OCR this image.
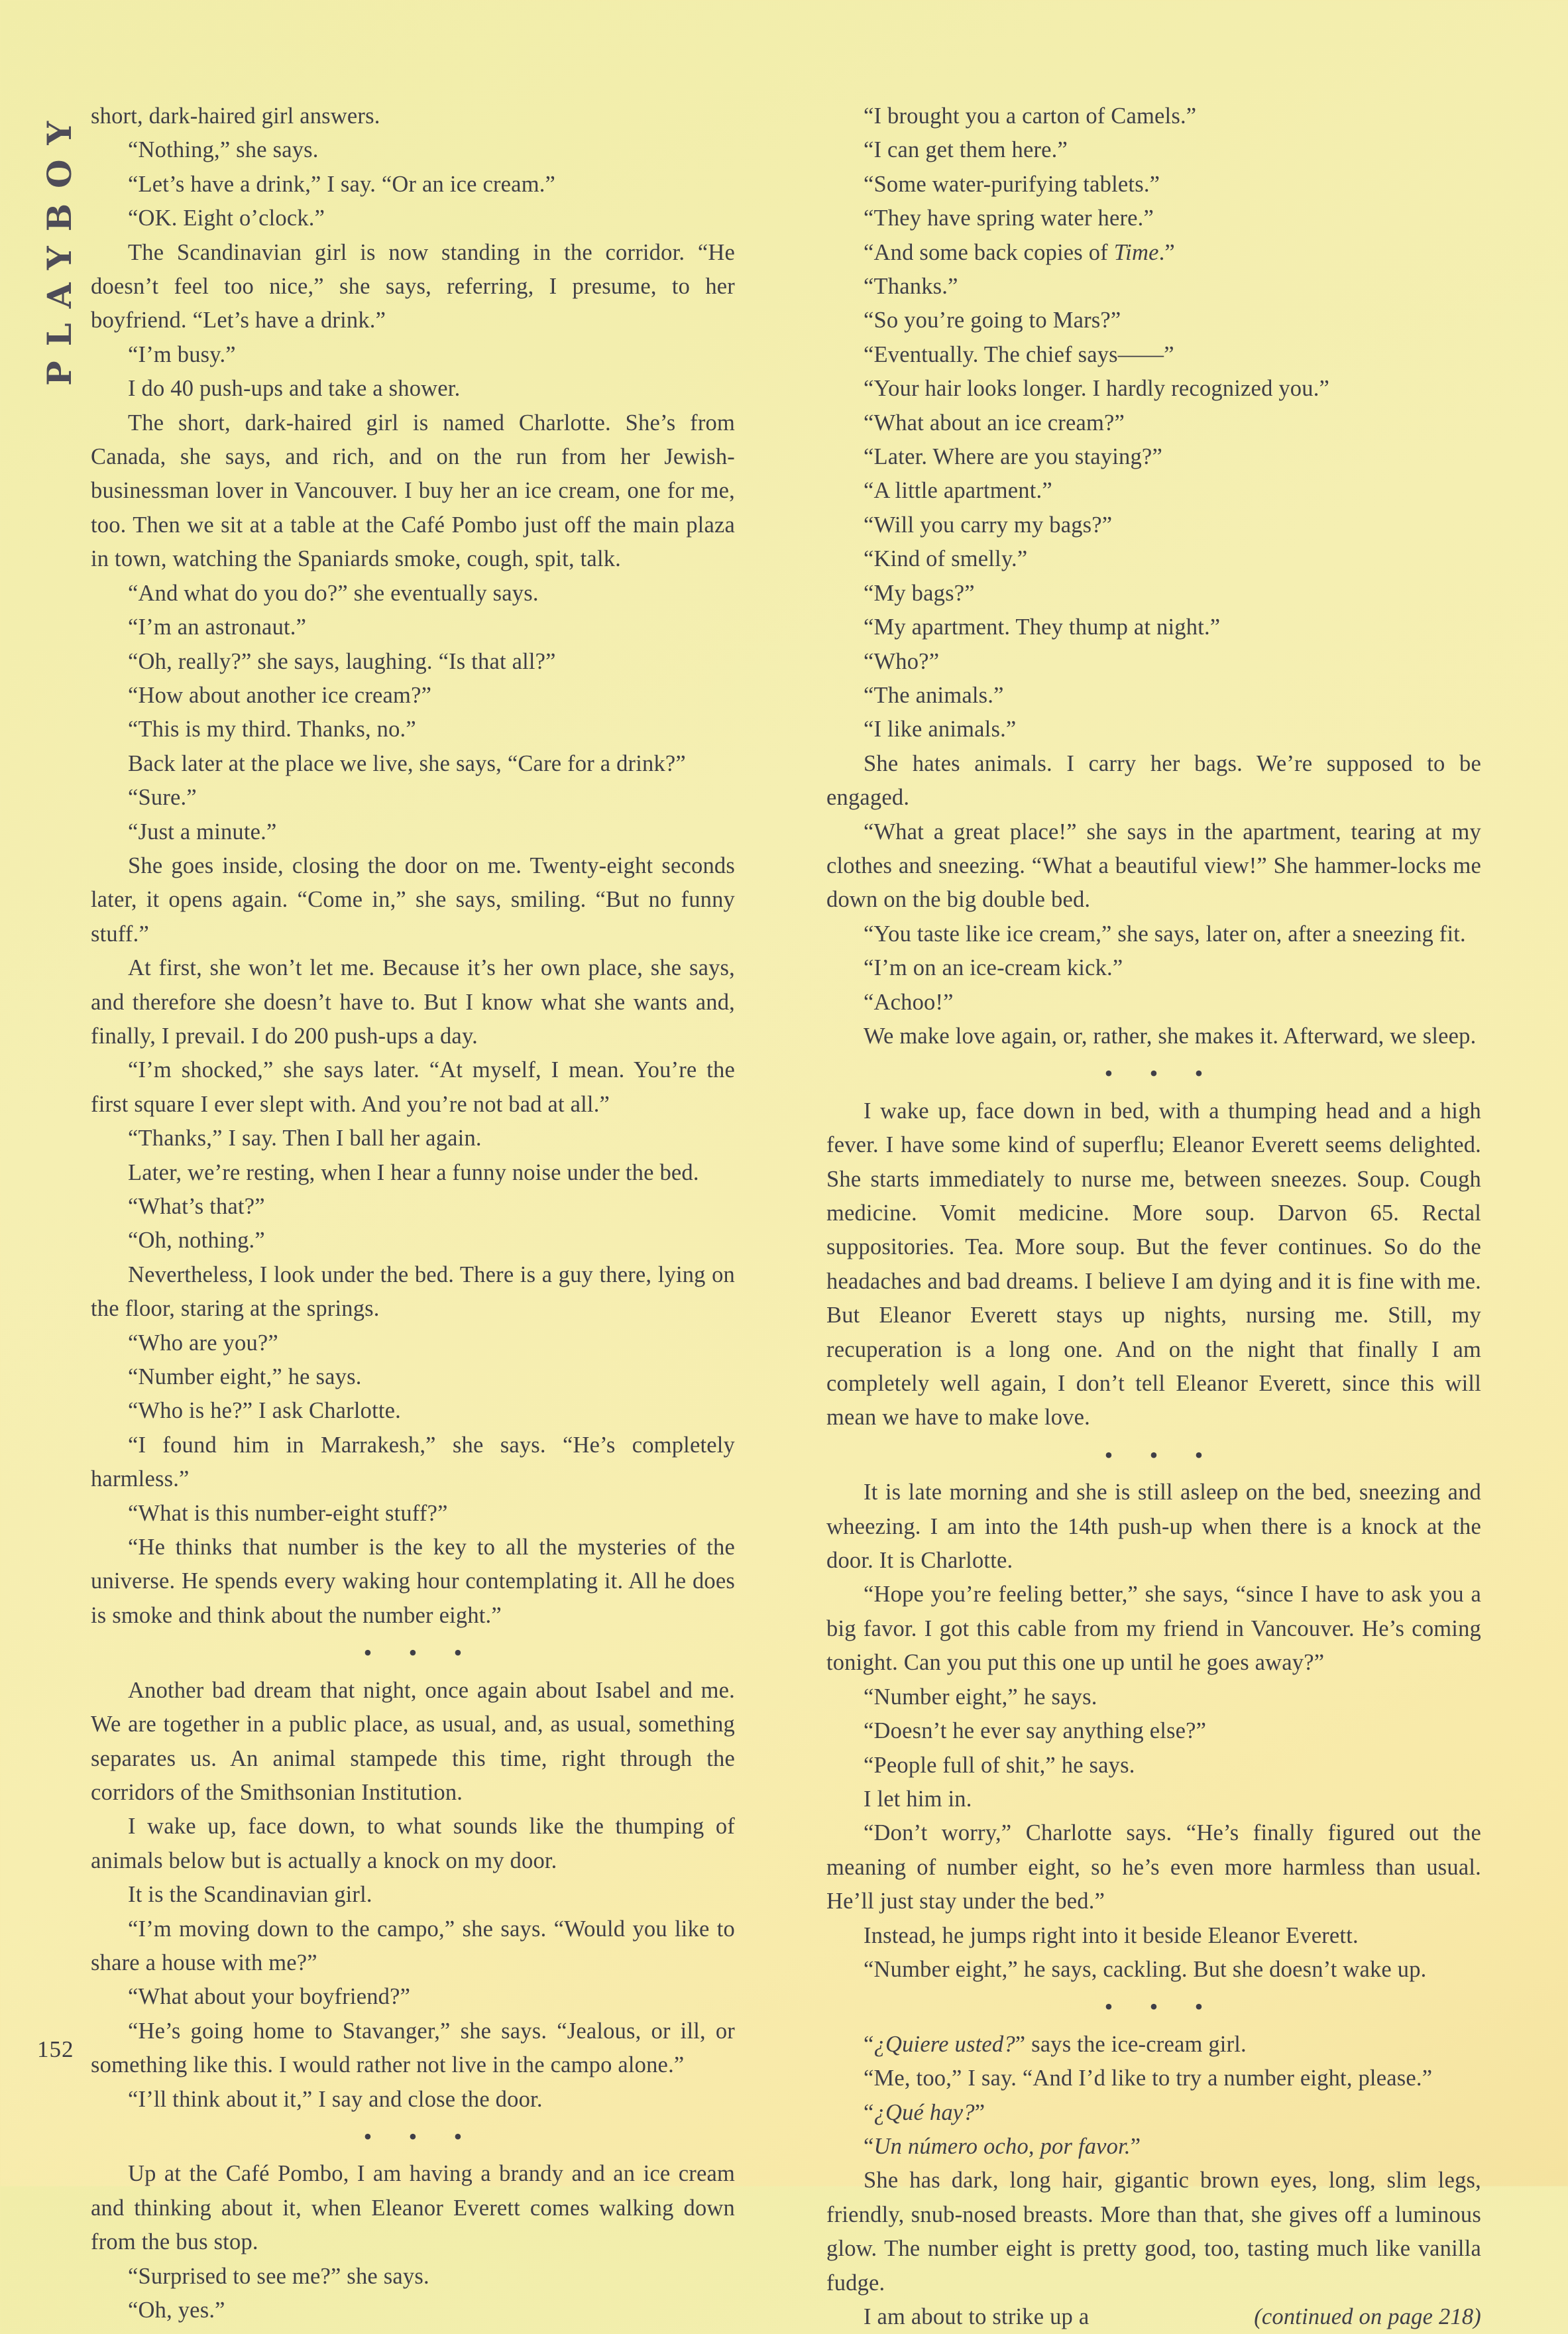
PLAYBOY
152

short, dark-haired girl answers.

“Nothing,” she says.

“Let’s have a drink,” I say. “Or an ice cream.”

“OK. Eight o’clock.”

The Scandinavian girl is now standing in the corridor. “He doesn’t feel too nice,” she says, referring, I presume, to her boyfriend. “Let’s have a drink.”

“I’m busy.”

I do 40 push-ups and take a shower.

The short, dark-haired girl is named Charlotte. She’s from Canada, she says, and rich, and on the run from her Jewish-businessman lover in Vancouver. I buy her an ice cream, one for me, too. Then we sit at a table at the Café Pombo just off the main plaza in town, watching the Spaniards smoke, cough, spit, talk.

“And what do you do?” she eventually says.

“I’m an astronaut.”

“Oh, really?” she says, laughing. “Is that all?”

“How about another ice cream?”

“This is my third. Thanks, no.”

Back later at the place we live, she says, “Care for a drink?”

“Sure.”

“Just a minute.”

She goes inside, closing the door on me. Twenty-eight seconds later, it opens again. “Come in,” she says, smiling. “But no funny stuff.”

At first, she won’t let me. Because it’s her own place, she says, and therefore she doesn’t have to. But I know what she wants and, finally, I prevail. I do 200 push-ups a day.

“I’m shocked,” she says later. “At myself, I mean. You’re the first square I ever slept with. And you’re not bad at all.”

“Thanks,” I say. Then I ball her again.

Later, we’re resting, when I hear a funny noise under the bed.

“What’s that?”

“Oh, nothing.”

Nevertheless, I look under the bed. There is a guy there, lying on the floor, staring at the springs.

“Who are you?”

“Number eight,” he says.

“Who is he?” I ask Charlotte.

“I found him in Marrakesh,” she says. “He’s completely harmless.”

“What is this number-eight stuff?”

“He thinks that number is the key to all the mysteries of the universe. He spends every waking hour contemplating it. All he does is smoke and think about the number eight.”

• • •

Another bad dream that night, once again about Isabel and me. We are together in a public place, as usual, and, as usual, something separates us. An animal stampede this time, right through the corridors of the Smithsonian Institution.

I wake up, face down, to what sounds like the thumping of animals below but is actually a knock on my door.

It is the Scandinavian girl.

“I’m moving down to the campo,” she says. “Would you like to share a house with me?”

“What about your boyfriend?”

“He’s going home to Stavanger,” she says. “Jealous, or ill, or something like this. I would rather not live in the campo alone.”

“I’ll think about it,” I say and close the door.

• • •

Up at the Café Pombo, I am having a brandy and an ice cream and thinking about it, when Eleanor Everett comes walking down from the bus stop.

“Surprised to see me?” she says.

“Oh, yes.”

“I brought you a carton of Camels.”

“I can get them here.”

“Some water-purifying tablets.”

“They have spring water here.”

“And some back copies of Time.”

“Thanks.”

“So you’re going to Mars?”

“Eventually. The chief says——”

“Your hair looks longer. I hardly recognized you.”

“What about an ice cream?”

“Later. Where are you staying?”

“A little apartment.”

“Will you carry my bags?”

“Kind of smelly.”

“My bags?”

“My apartment. They thump at night.”

“Who?”

“The animals.”

“I like animals.”

She hates animals. I carry her bags. We’re supposed to be engaged.

“What a great place!” she says in the apartment, tearing at my clothes and sneezing. “What a beautiful view!” She hammer-locks me down on the big double bed.

“You taste like ice cream,” she says, later on, after a sneezing fit.

“I’m on an ice-cream kick.”

“Achoo!”

We make love again, or, rather, she makes it. Afterward, we sleep.

• • •

I wake up, face down in bed, with a thumping head and a high fever. I have some kind of superflu; Eleanor Everett seems delighted. She starts immediately to nurse me, between sneezes. Soup. Cough medicine. Vomit medicine. More soup. Darvon 65. Rectal suppositories. Tea. More soup. But the fever continues. So do the headaches and bad dreams. I believe I am dying and it is fine with me. But Eleanor Everett stays up nights, nursing me. Still, my recuperation is a long one. And on the night that finally I am completely well again, I don’t tell Eleanor Everett, since this will mean we have to make love.

• • •

It is late morning and she is still asleep on the bed, sneezing and wheezing. I am into the 14th push-up when there is a knock at the door. It is Charlotte.

“Hope you’re feeling better,” she says, “since I have to ask you a big favor. I got this cable from my friend in Vancouver. He’s coming tonight. Can you put this one up until he goes away?”

“Number eight,” he says.

“Doesn’t he ever say anything else?”

“People full of shit,” he says.

I let him in.

“Don’t worry,” Charlotte says. “He’s finally figured out the meaning of number eight, so he’s even more harmless than usual. He’ll just stay under the bed.”

Instead, he jumps right into it beside Eleanor Everett.

“Number eight,” he says, cackling. But she doesn’t wake up.

• • •

“¿Quiere usted?” says the ice-cream girl.

“Me, too,” I say. “And I’d like to try a number eight, please.”

“¿Qué hay?”

“Un número ocho, por favor.”

She has dark, long hair, gigantic brown eyes, long, slim legs, friendly, snub-nosed breasts. More than that, she gives off a luminous glow. The number eight is pretty good, too, tasting much like vanilla fudge.

I am about to strike up a	(continued on page 218)
